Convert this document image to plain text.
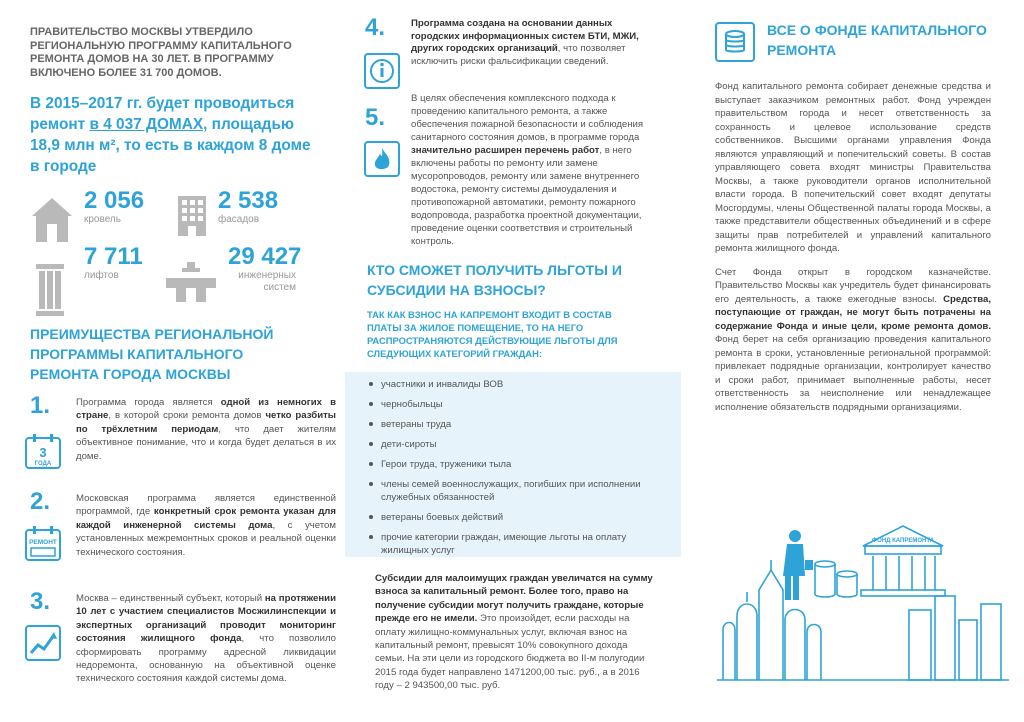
ПРАВИТЕЛЬСТВО МОСКВЫ УТВЕРДИЛО РЕГИОНАЛЬНУЮ ПРОГРАММУ КАПИТАЛЬНОГО РЕМОНТА ДОМОВ НА 30 ЛЕТ. В ПРОГРАММУ ВКЛЮЧЕНО БОЛЕЕ 31 700 ДОМОВ.
В 2015–2017 гг. будет проводиться ремонт в 4 037 ДОМАХ, площадью 18,9 млн м², то есть в каждом 8 доме в городе
2 056
кровель
2 538
фасадов
7 711
лифтов
29 427
инженерных систем
ПРЕИМУЩЕСТВА РЕГИОНАЛЬНОЙ ПРОГРАММЫ КАПИТАЛЬНОГО РЕМОНТА ГОРОДА МОСКВЫ
1.	Программа города является одной из немногих в стране, в которой сроки ремонта домов четко разбиты по трёхлетним периодам, что дает жителям объективное понимание, что и когда будет делаться в их доме.
3
ГОДА
2.	Московская программа является единственной программой, где конкретный срок ремонта указан для каждой инженерной системы дома, с учетом установленных межремонтных сроков и реальной оценки технического состояния.
РЕМОНТ
3.	Москва – единственный субъект, который на протяжении 10 лет с участием специалистов Мосжилинспекции и экспертных организаций проводит мониторинг состояния жилищного фонда, что позволило сформировать программу адресной ликвидации недоремонта, основанную на объективной оценке технического состояния каждой системы дома.
4.	Программа создана на основании данных городских информационных систем БТИ, МЖИ, других городских организаций, что позволяет исключить риски фальсификации сведений.
5.
В целях обеспечения комплексного подхода к проведению капитального ремонта, а также обеспечения пожарной безопасности и соблюдения санитарного состояния домов, в программе города значительно расширен перечень работ, в него включены работы по ремонту или замене мусоропроводов, ремонту или замене внутреннего водостока, ремонту системы дымоудаления и противопожарной автоматики, ремонту пожарного водопровода, разработка проектной документации, проведение оценки соответствия и строительный контроль.
КТО СМОЖЕТ ПОЛУЧИТЬ ЛЬГОТЫ И СУБСИДИИ НА ВЗНОСЫ?
ТАК КАК ВЗНОС НА КАПРЕМОНТ ВХОДИТ В СОСТАВ ПЛАТЫ ЗА ЖИЛОЕ ПОМЕЩЕНИЕ, ТО НА НЕГО РАСПРОСТРАНЯЮТСЯ ДЕЙСТВУЮЩИЕ ЛЬГОТЫ ДЛЯ СЛЕДУЮЩИХ КАТЕГОРИЙ ГРАЖДАН:
участники и инвалиды ВОВ
чернобыльцы
ветераны труда
дети-сироты
Герои труда, труженики тыла
члены семей военнослужащих, погибших при исполнении служебных обязанностей
ветераны боевых действий
прочие категории граждан, имеющие льготы на оплату жилищных услуг
Субсидии для малоимущих граждан увеличатся на сумму взноса за капитальный ремонт. Более того, право на получение субсидии могут получить граждане, которые прежде его не имели. Это произойдет, если расходы на оплату жилищно-коммунальных услуг, включая взнос на капитальный ремонт, превысят 10% совокупного дохода семьи. На эти цели из городского бюджета во II-м полугодии 2015 года будет направлено 1471200,00 тыс. руб., а в 2016 году – 2 943500,00 тыс. руб.
ВСЕ О ФОНДЕ КАПИТАЛЬНОГО РЕМОНТА

Фонд капитального ремонта собирает денежные средства и выступает заказчиком ремонтных работ. Фонд учрежден правительством города и несет ответственность за сохранность и целевое использование средств собственников. Высшими органами управления Фонда являются управляющий и попечительский советы. В состав управляющего совета входят министры Правительства Москвы, а также руководители органов исполнительной власти города. В попечительский совет входят депутаты Мосгордумы, члены Общественной палаты города Москвы, а также представители общественных объединений и в сфере защиты прав потребителей и управлений капитального ремонта жилищного фонда.

Счет Фонда открыт в городском казначействе. Правительство Москвы как учредитель будет финансировать его деятельность, а также ежегодные взносы. Средства, поступающие от граждан, не могут быть потрачены на содержание Фонда и иные цели, кроме ремонта домов. Фонд берет на себя организацию проведения капитального ремонта в сроки, установленные региональной программой: привлекает подрядные организации, контролирует качество и сроки работ, принимает выполненные работы, несет ответственность за неисполнение или ненадлежащее исполнение обязательств подрядными организациями.

ФОНД КАПРЕМОНТА
